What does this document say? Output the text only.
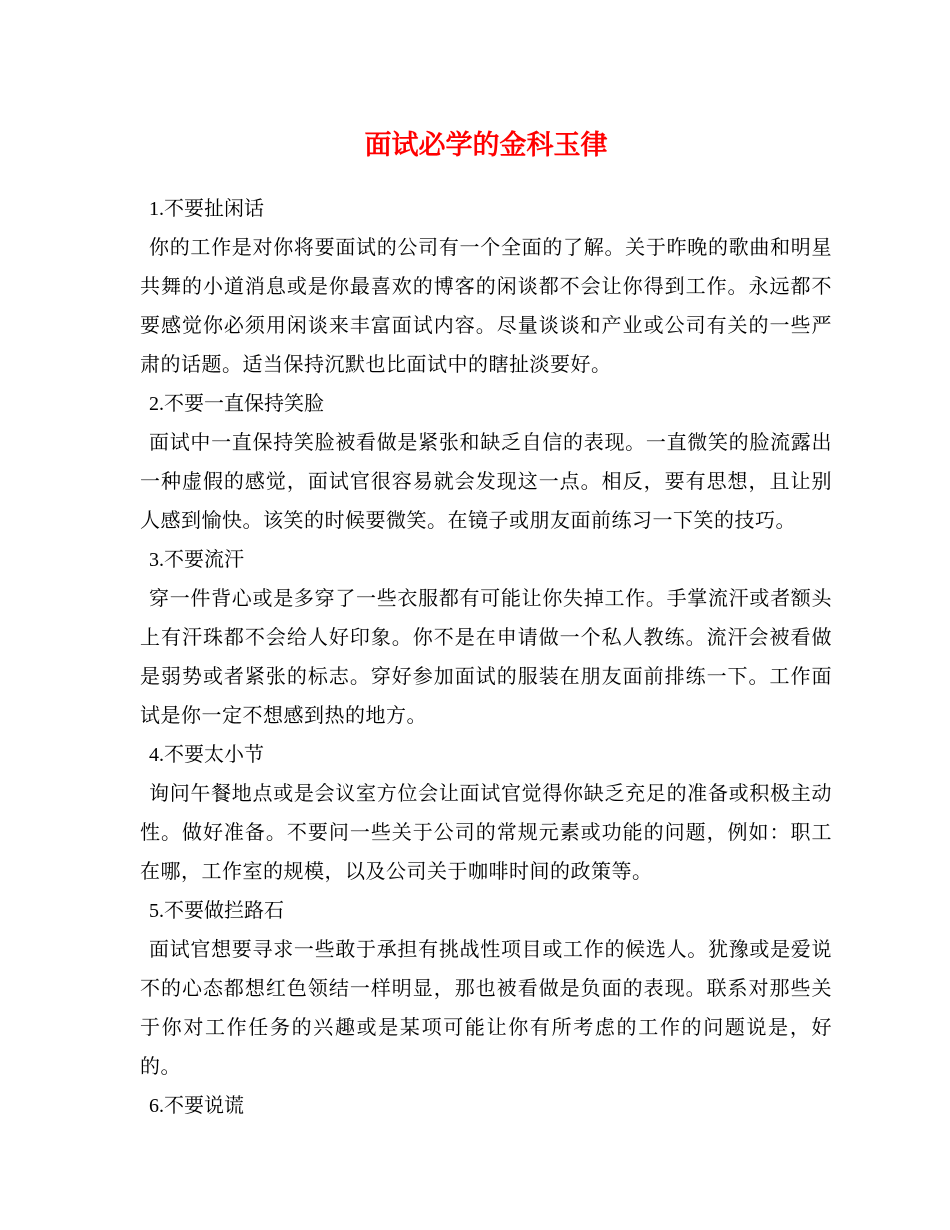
面试必学的金科玉律

1.不要扯闲话

你的工作是对你将要面试的公司有一个全面的了解。关于昨晚的歌曲和明星共舞的小道消息或是你最喜欢的博客的闲谈都不会让你得到工作。永远都不要感觉你必须用闲谈来丰富面试内容。尽量谈谈和产业或公司有关的一些严肃的话题。适当保持沉默也比面试中的瞎扯淡要好。

2.不要一直保持笑脸

面试中一直保持笑脸被看做是紧张和缺乏自信的表现。一直微笑的脸流露出一种虚假的感觉，面试官很容易就会发现这一点。相反，要有思想，且让别人感到愉快。该笑的时候要微笑。在镜子或朋友面前练习一下笑的技巧。

3.不要流汗

穿一件背心或是多穿了一些衣服都有可能让你失掉工作。手掌流汗或者额头上有汗珠都不会给人好印象。你不是在申请做一个私人教练。流汗会被看做是弱势或者紧张的标志。穿好参加面试的服装在朋友面前排练一下。工作面试是你一定不想感到热的地方。

4.不要太小节

询问午餐地点或是会议室方位会让面试官觉得你缺乏充足的准备或积极主动性。做好准备。不要问一些关于公司的常规元素或功能的问题，例如：职工在哪，工作室的规模，以及公司关于咖啡时间的政策等。

5.不要做拦路石

面试官想要寻求一些敢于承担有挑战性项目或工作的候选人。犹豫或是爱说不的心态都想红色领结一样明显，那也被看做是负面的表现。联系对那些关于你对工作任务的兴趣或是某项可能让你有所考虑的工作的问题说是，好的。

6.不要说谎
